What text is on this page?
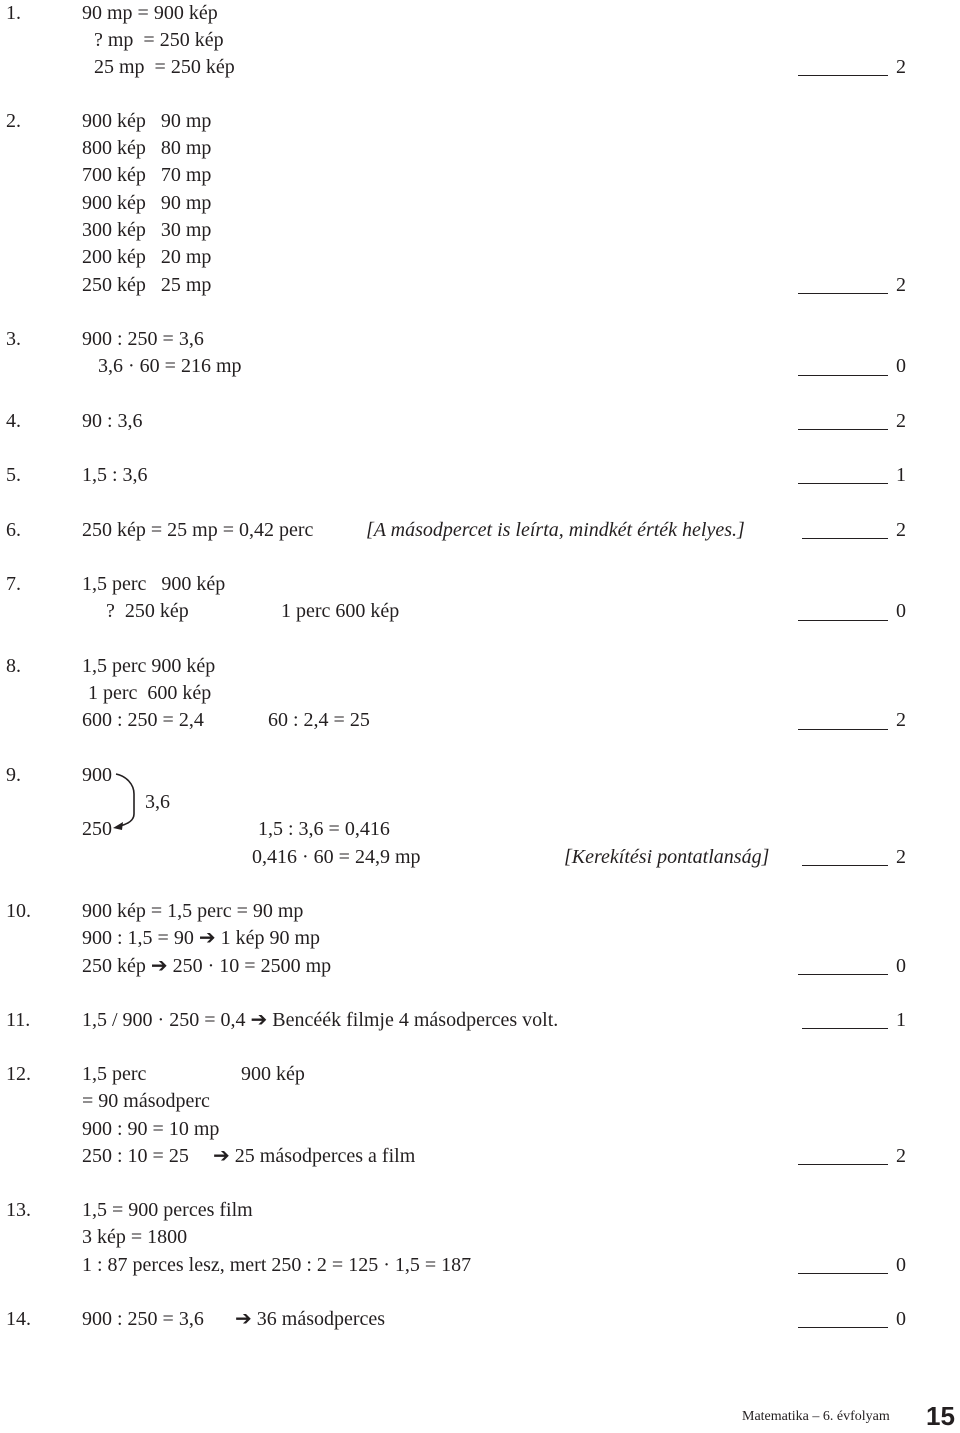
1.	90 mp = 900 kép
? mp  = 250 kép
25 mp  = 250 kép	2
2.	900 kép   90 mp
800 kép   80 mp
700 kép   70 mp
900 kép   90 mp
300 kép   30 mp
200 kép   20 mp
250 kép   25 mp	2
3.	900 : 250 = 3,6
3,6 · 60 = 216 mp	0
4.	90 : 3,6	2
5.	1,5 : 3,6	1
6.	250 kép = 25 mp = 0,42 perc	[A másodpercet is leírta, mindkét érték helyes.]	2
7.	1,5 perc   900 kép
?  250 kép	1 perc 600 kép	0
8.	1,5 perc 900 kép
1 perc  600 kép
600 : 250 = 2,4	60 : 2,4 = 25	2
9.	900
3,6
250	1,5 : 3,6 = 0,416
0,416 · 60 = 24,9 mp	[Kerekítési pontatlanság]	2
10.	900 kép = 1,5 perc = 90 mp
900 : 1,5 = 90 ➔ 1 kép 90 mp
250 kép ➔ 250 · 10 = 2500 mp	0
11.	1,5 / 900 · 250 = 0,4 ➔ Bencéék filmje 4 másodperces volt.	1
12.	1,5 perc	900 kép
= 90 másodperc
900 : 90 = 10 mp
250 : 10 = 25 ➔ 25 másodperces a film	2
13.	1,5 = 900 perces film
3 kép = 1800
1 : 87 perces lesz, mert 250 : 2 = 125 · 1,5 = 187	0
14.	900 : 250 = 3,6 ➔ 36 másodperces	0
Matematika – 6. évfolyam 15
